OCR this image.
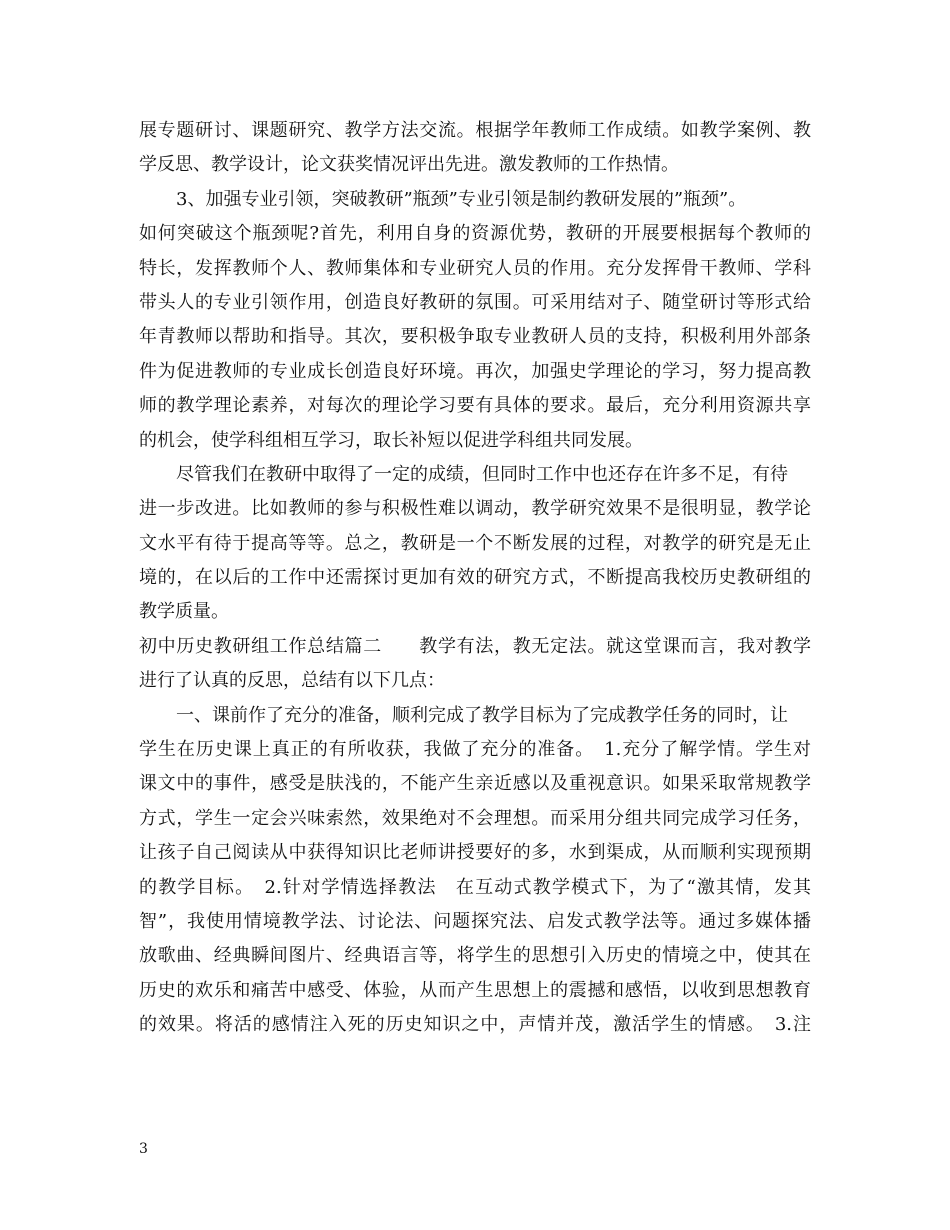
展专题研讨、课题研究、教学方法交流。根据学年教师工作成绩。如教学案例、教
学反思、教学设计，论文获奖情况评出先进。激发教师的工作热情。
3、加强专业引领，突破教研”瓶颈”专业引领是制约教研发展的”瓶颈”。
如何突破这个瓶颈呢?首先，利用自身的资源优势，教研的开展要根据每个教师的
特长，发挥教师个人、教师集体和专业研究人员的作用。充分发挥骨干教师、学科
带头人的专业引领作用，创造良好教研的氛围。可采用结对子、随堂研讨等形式给
年青教师以帮助和指导。其次，要积极争取专业教研人员的支持，积极利用外部条
件为促进教师的专业成长创造良好环境。再次，加强史学理论的学习，努力提高教
师的教学理论素养，对每次的理论学习要有具体的要求。最后，充分利用资源共享
的机会，使学科组相互学习，取长补短以促进学科组共同发展。
尽管我们在教研中取得了一定的成绩，但同时工作中也还存在许多不足，有待
进一步改进。比如教师的参与积极性难以调动，教学研究效果不是很明显，教学论
文水平有待于提高等等。总之，教研是一个不断发展的过程，对教学的研究是无止
境的，在以后的工作中还需探讨更加有效的研究方式，不断提高我校历史教研组的
教学质量。
初中历史教研组工作总结篇二　　教学有法，教无定法。就这堂课而言，我对教学
进行了认真的反思，总结有以下几点：
一、课前作了充分的准备，顺利完成了教学目标为了完成教学任务的同时，让
学生在历史课上真正的有所收获，我做了充分的准备。　1.充分了解学情。学生对
课文中的事件，感受是肤浅的，不能产生亲近感以及重视意识。如果采取常规教学
方式，学生一定会兴味索然，效果绝对不会理想。而采用分组共同完成学习任务，
让孩子自己阅读从中获得知识比老师讲授要好的多，水到渠成，从而顺利实现预期
的教学目标。　2.针对学情选择教法　在互动式教学模式下，为了“激其情，发其
智”，我使用情境教学法、讨论法、问题探究法、启发式教学法等。通过多媒体播
放歌曲、经典瞬间图片、经典语言等，将学生的思想引入历史的情境之中，使其在
历史的欢乐和痛苦中感受、体验，从而产生思想上的震撼和感悟，以收到思想教育
的效果。将活的感情注入死的历史知识之中，声情并茂，激活学生的情感。　3.注
3
